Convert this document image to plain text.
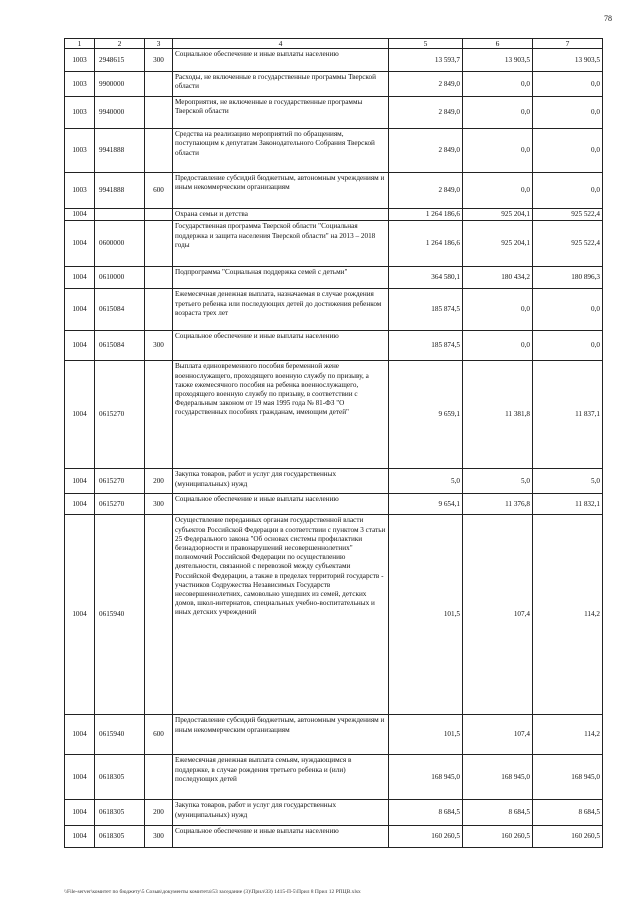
78
1	2	3	4	5	6	7
1003	2948615	300	Социальное обеспечение и иные выплаты населению	13 593,7	13 903,5	13 903,5
1003	9900000		Расходы, не включенные в государственные программы Тверской области	2 849,0	0,0	0,0
1003	9940000		Мероприятия, не включенные в государственные программы Тверской области	2 849,0	0,0	0,0
1003	9941888		Средства на реализацию мероприятий по обращениям, поступающим к депутатам Законодательного Собрания Тверской области	2 849,0	0,0	0,0
1003	9941888	600	Предоставление субсидий бюджетным, автономным учреждениям и иным некоммерческим организациям	2 849,0	0,0	0,0
1004			Охрана семьи и детства	1 264 186,6	925 204,1	925 522,4
1004	0600000		Государственная программа Тверской области "Социальная поддержка и защита населения Тверской области" на 2013 – 2018 годы	1 264 186,6	925 204,1	925 522,4
1004	0610000		Подпрограмма "Социальная поддержка семей с детьми"	364 580,1	180 434,2	180 896,3
1004	0615084		Ежемесячная денежная выплата, назначаемая в случае рождения третьего ребенка или последующих детей до достижения ребенком возраста трех лет	185 874,5	0,0	0,0
1004	0615084	300	Социальное обеспечение и иные выплаты населению	185 874,5	0,0	0,0
1004	0615270		Выплата единовременного пособия беременной жене военнослужащего, проходящего военную службу по призыву, а также ежемесячного пособия на ребенка военнослужащего, проходящего военную службу по призыву, в соответствии с Федеральным законом от 19 мая 1995 года № 81-ФЗ "О государственных пособиях гражданам, имеющим детей"	9 659,1	11 381,8	11 837,1
1004	0615270	200	Закупка товаров, работ и услуг для государственных (муниципальных) нужд	5,0	5,0	5,0
1004	0615270	300	Социальное обеспечение и иные выплаты населению	9 654,1	11 376,8	11 832,1
1004	0615940		Осуществление переданных органам государственной власти субъектов Российской Федерации в соответствии с пунктом 3 статьи 25 Федерального закона "Об основах системы профилактики безнадзорности и правонарушений несовершеннолетних" полномочий Российской Федерации по осуществлению деятельности, связанной с перевозкой между субъектами Российской Федерации, а также в пределах территорий государств - участников Содружества Независимых Государств несовершеннолетних, самовольно ушедших из семей, детских домов, школ-интернатов, специальных учебно-воспитательных и иных детских учреждений	101,5	107,4	114,2
1004	0615940	600	Предоставление субсидий бюджетным, автономным учреждениям и иным некоммерческим организациям	101,5	107,4	114,2
1004	0618305		Ежемесячная денежная выплата семьям, нуждающимся в поддержке, в случае рождения третьего ребенка и (или) последующих детей	168 945,0	168 945,0	168 945,0
1004	0618305	200	Закупка товаров, работ и услуг для государственных (муниципальных) нужд	8 684,5	8 684,5	8 684,5
1004	0618305	300	Социальное обеспечение и иные выплаты населению	160 260,5	160 260,5	160 260,5
\\File-server\комитет по бюджету\5 Созыв\документы комитета\53 заседание (3)\Прил\ЗЗ) 1415-П-5\Прил 8 Прил 12 РПЦВ.xlsx
